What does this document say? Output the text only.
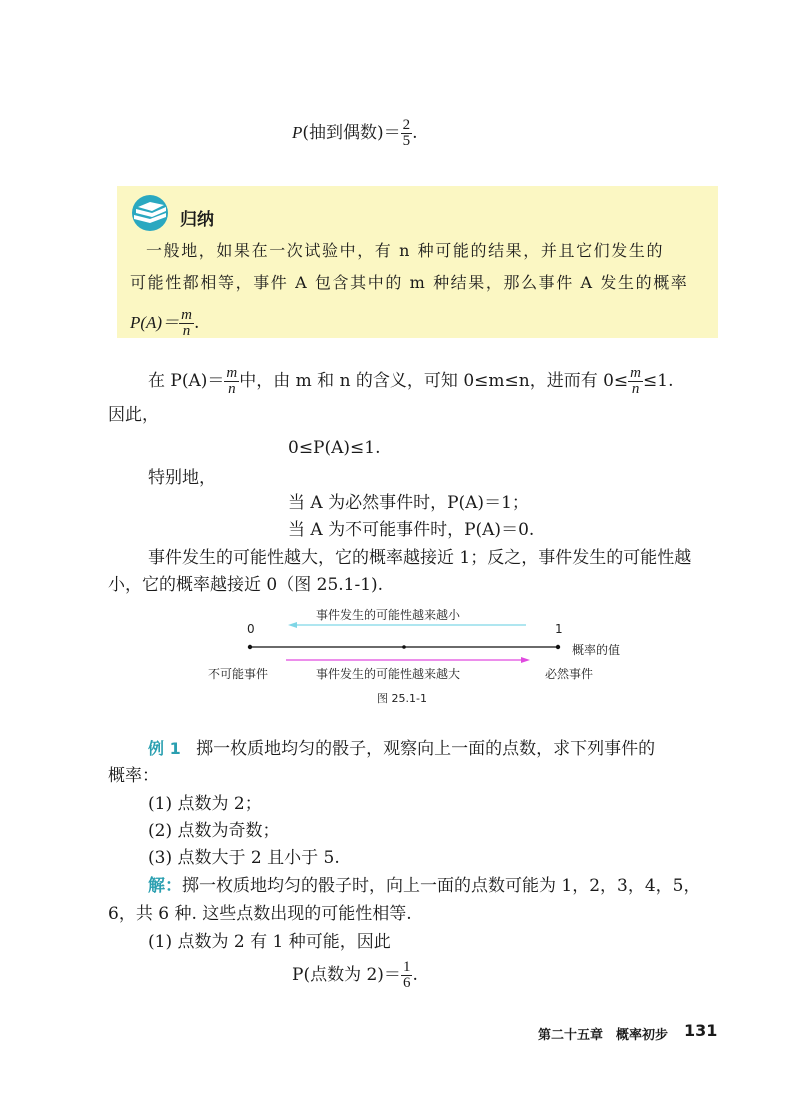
P(抽到偶数)＝ $\frac{2}{5}$ .
归纳
一般地，如果在一次试验中，有 n 种可能的结果，并且它们发生的
可能性都相等，事件 A 包含其中的 m 种结果，那么事件 A 发生的概率
$P(A)= \frac{m}{n}$ .
在 $P(A)= \frac{m}{n}$ 中，由 m 和 n 的含义，可知 0≤m≤n，进而有 $0\le \frac{m}{n} \le 1$.
因此，
0≤P(A)≤1.
特别地，
当 A 为必然事件时，P(A)＝1；
当 A 为不可能事件时，P(A)＝0.
事件发生的可能性越大，它的概率越接近 1；反之，事件发生的可能性越
小，它的概率越接近 0（图 25.1-1).
事件发生的可能性越来越小
0	1
概率的值
不可能事件	事件发生的可能性越来越大	必然事件
图 25.1-1
例 1 掷一枚质地均匀的骰子，观察向上一面的点数，求下列事件的
概率：
(1) 点数为 2；
(2) 点数为奇数；
(3) 点数大于 2 且小于 5.
解：掷一枚质地均匀的骰子时，向上一面的点数可能为 1，2，3，4，5，
6，共 6 种. 这些点数出现的可能性相等.
(1) 点数为 2 有 1 种可能，因此
P(点数为 $2)= \frac{1}{6}$ .
第二十五章　概率初步 131
